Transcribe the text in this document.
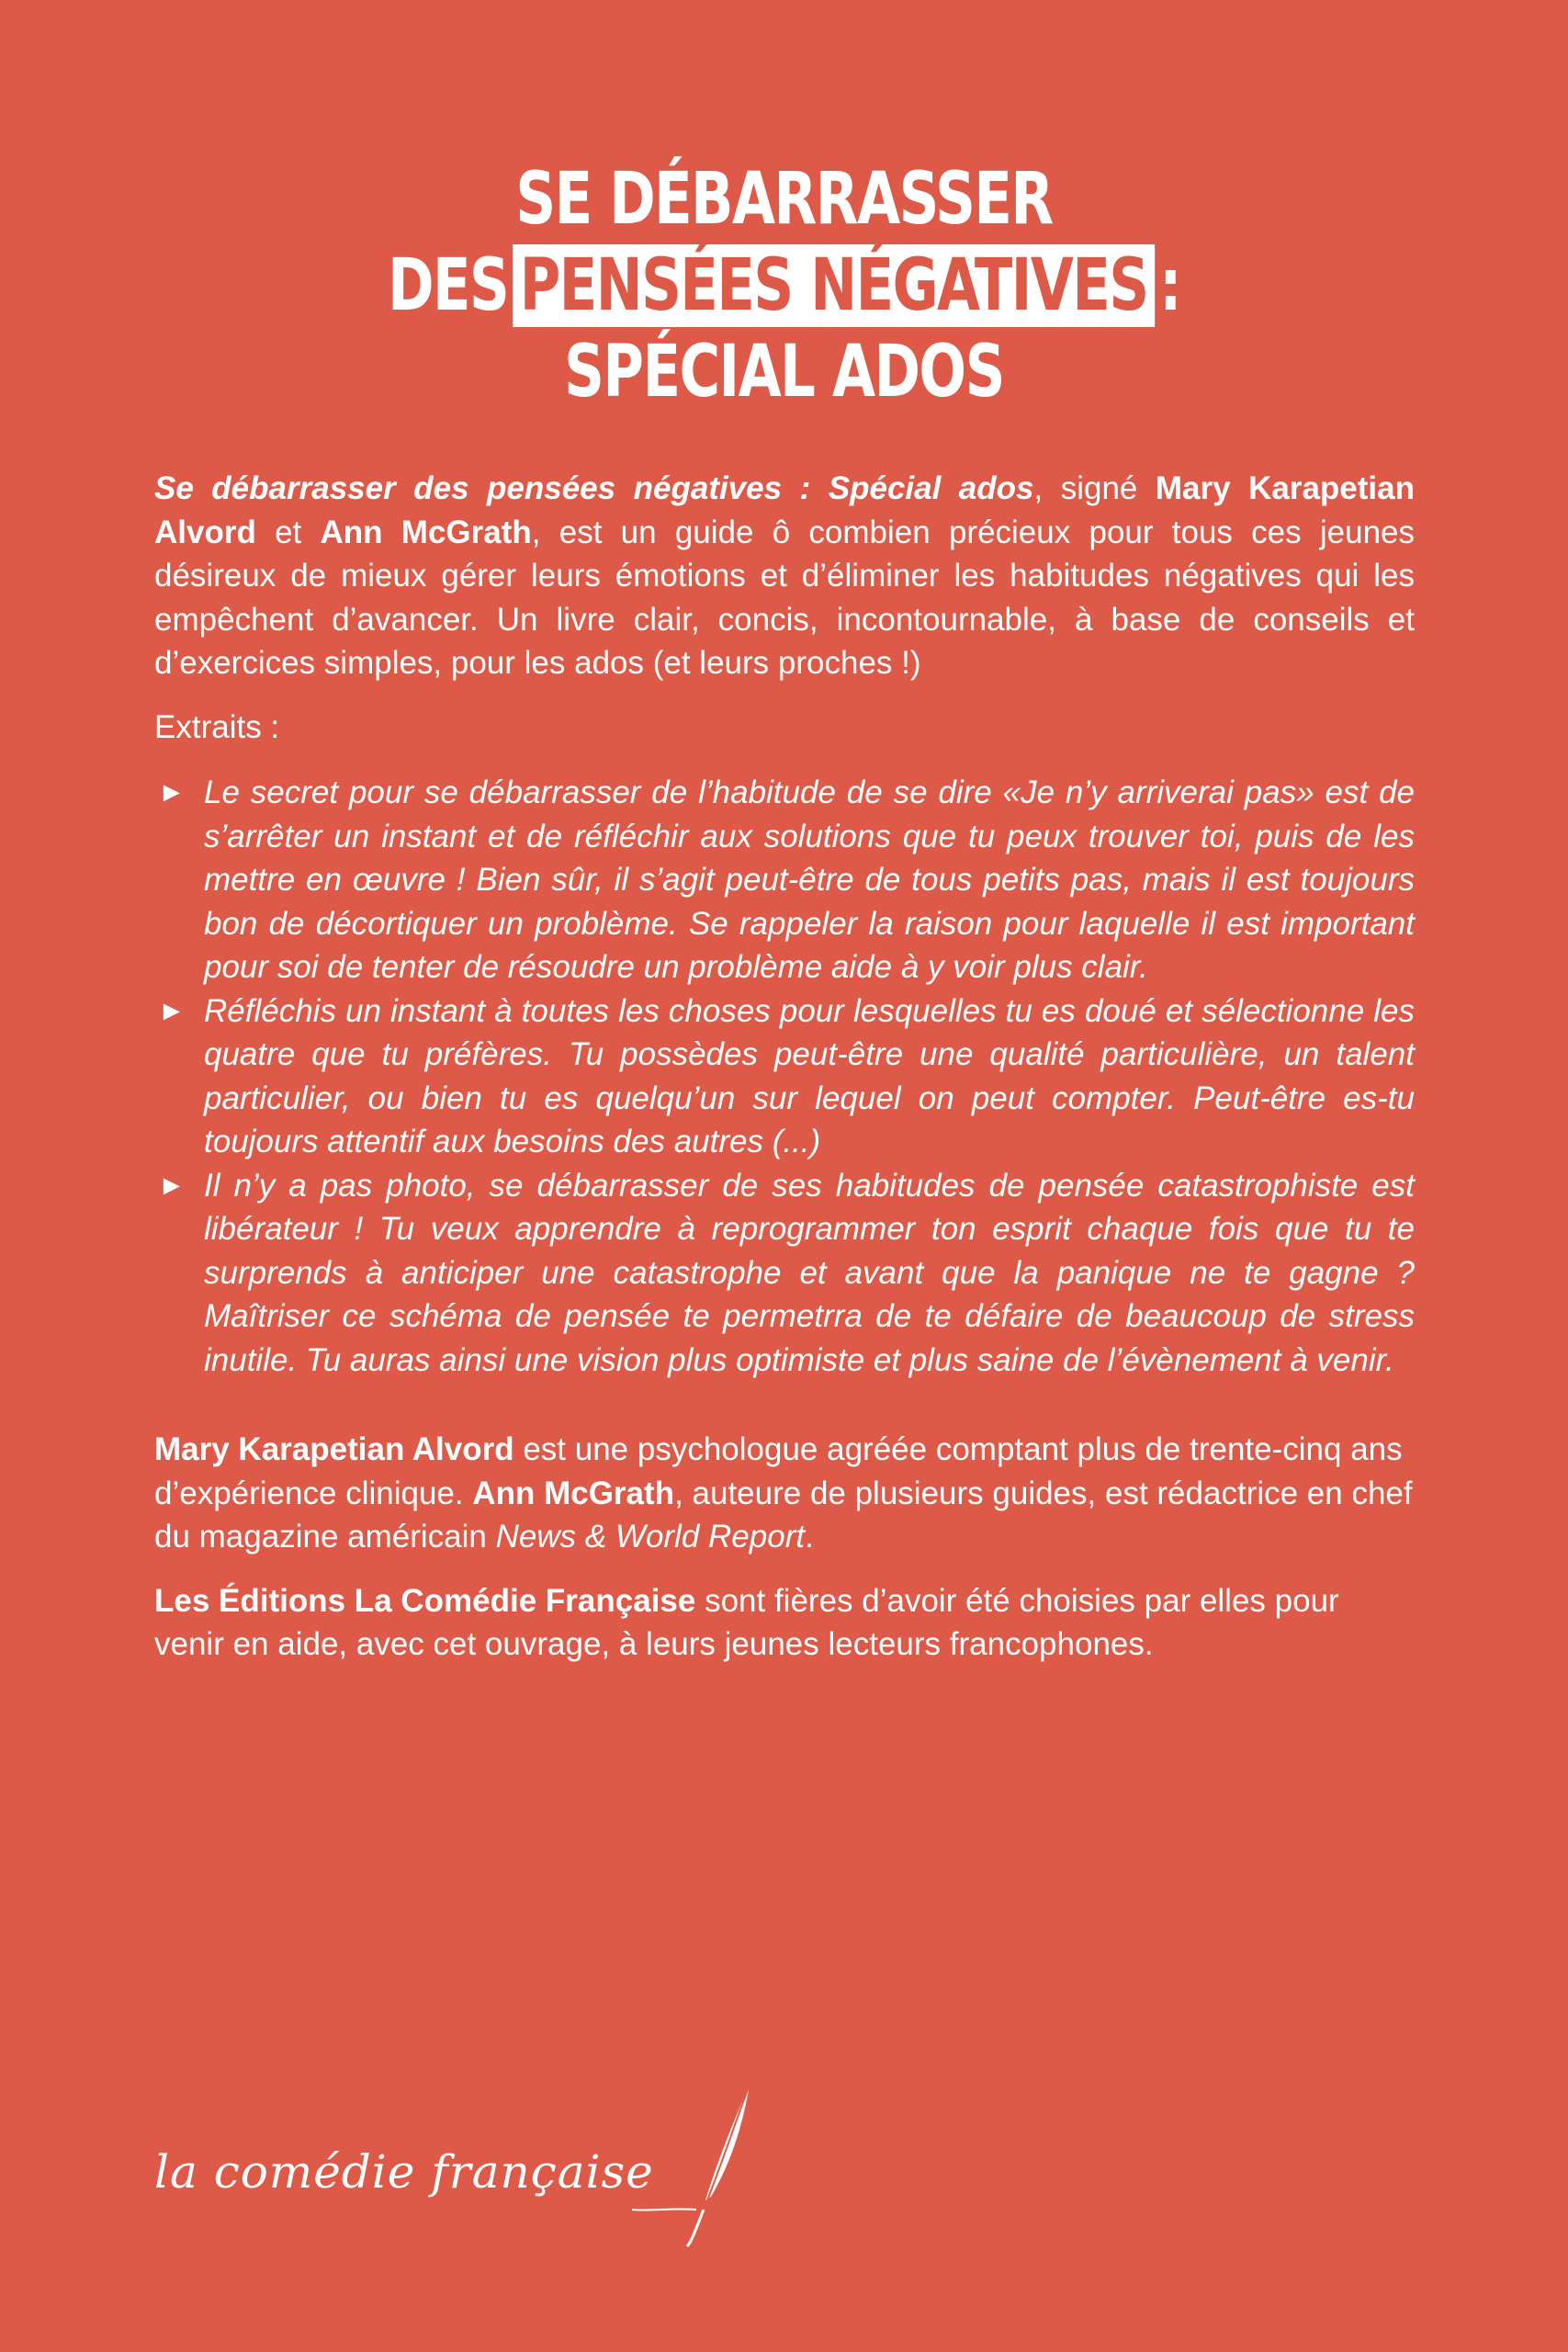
SE DÉBARRASSER
DES PENSÉES NÉGATIVES :
SPÉCIAL ADOS

Se débarrasser des pensées négatives : Spécial ados, signé Mary Karapetian Alvord et Ann McGrath, est un guide ô combien précieux pour tous ces jeunes désireux de mieux gérer leurs émotions et d’éliminer les habitudes négatives qui les empêchent d’avancer. Un livre clair, concis, incontournable, à base de conseils et d’exercices simples, pour les ados (et leurs proches !)

Extraits :

► Le secret pour se débarrasser de l’habitude de se dire «Je n’y arriverai pas» est de s’arrêter un instant et de réfléchir aux solutions que tu peux trouver toi, puis de les mettre en œuvre ! Bien sûr, il s’agit peut-être de tous petits pas, mais il est toujours bon de décortiquer un problème. Se rappeler la raison pour laquelle il est important pour soi de tenter de résoudre un problème aide à y voir plus clair.

► Réfléchis un instant à toutes les choses pour lesquelles tu es doué et sélectionne les quatre que tu préfères. Tu possèdes peut-être une qualité particulière, un talent particulier, ou bien tu es quelqu’un sur lequel on peut compter. Peut-être es-tu toujours attentif aux besoins des autres (...)

► Il n’y a pas photo, se débarrasser de ses habitudes de pensée catastrophiste est libérateur ! Tu veux apprendre à reprogrammer ton esprit chaque fois que tu te surprends à anticiper une catastrophe et avant que la panique ne te gagne ? Maîtriser ce schéma de pensée te permetrra de te défaire de beaucoup de stress inutile. Tu auras ainsi une vision plus optimiste et plus saine de l’évènement à venir.

Mary Karapetian Alvord est une psychologue agréée comptant plus de trente-cinq ans d’expérience clinique. Ann McGrath, auteure de plusieurs guides, est rédactrice en chef du magazine américain News & World Report.

Les Éditions La Comédie Française sont fières d’avoir été choisies par elles pour venir en aide, avec cet ouvrage, à leurs jeunes lecteurs francophones.

la comédie française
